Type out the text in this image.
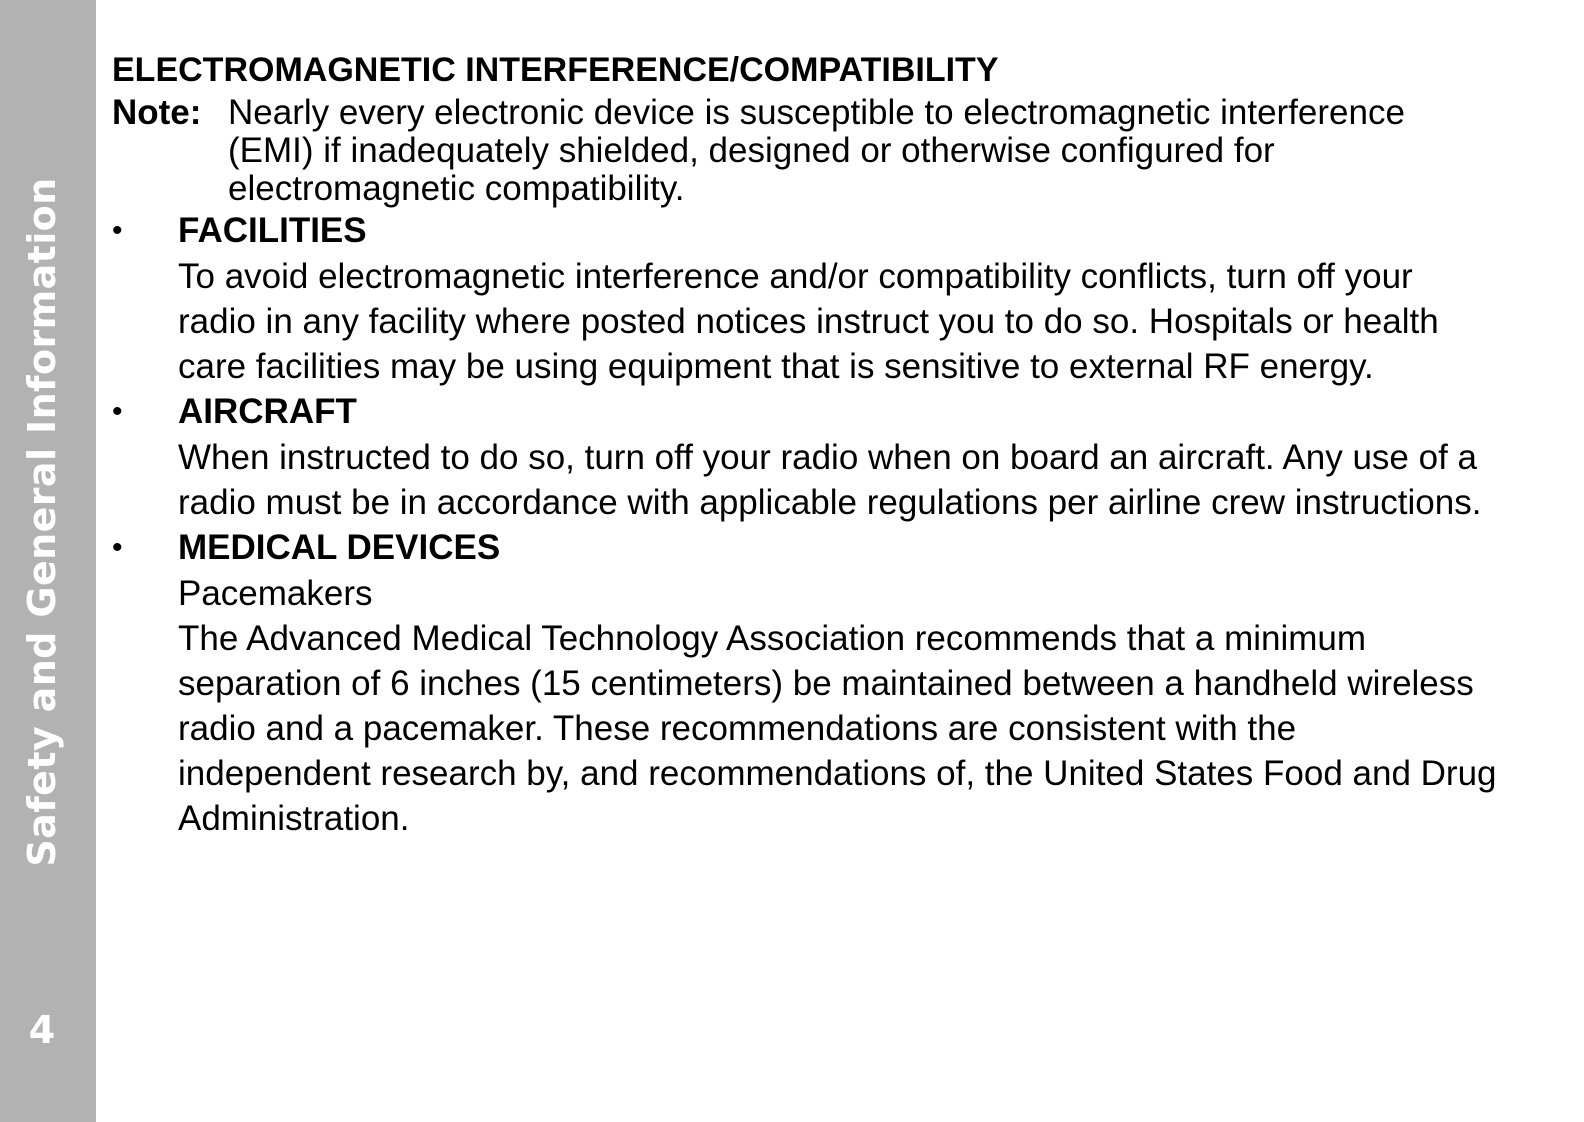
Safety and General Information
4
ELECTROMAGNETIC INTERFERENCE/COMPATIBILITY
Note: Nearly every electronic device is susceptible to electromagnetic interference (EMI) if inadequately shielded, designed or otherwise configured for electromagnetic compatibility.
• FACILITIES
To avoid electromagnetic interference and/or compatibility conflicts, turn off your radio in any facility where posted notices instruct you to do so. Hospitals or health care facilities may be using equipment that is sensitive to external RF energy.
• AIRCRAFT
When instructed to do so, turn off your radio when on board an aircraft. Any use of a radio must be in accordance with applicable regulations per airline crew instructions.
• MEDICAL DEVICES
Pacemakers
The Advanced Medical Technology Association recommends that a minimum separation of 6 inches (15 centimeters) be maintained between a handheld wireless radio and a pacemaker. These recommendations are consistent with the independent research by, and recommendations of, the United States Food and Drug Administration.
